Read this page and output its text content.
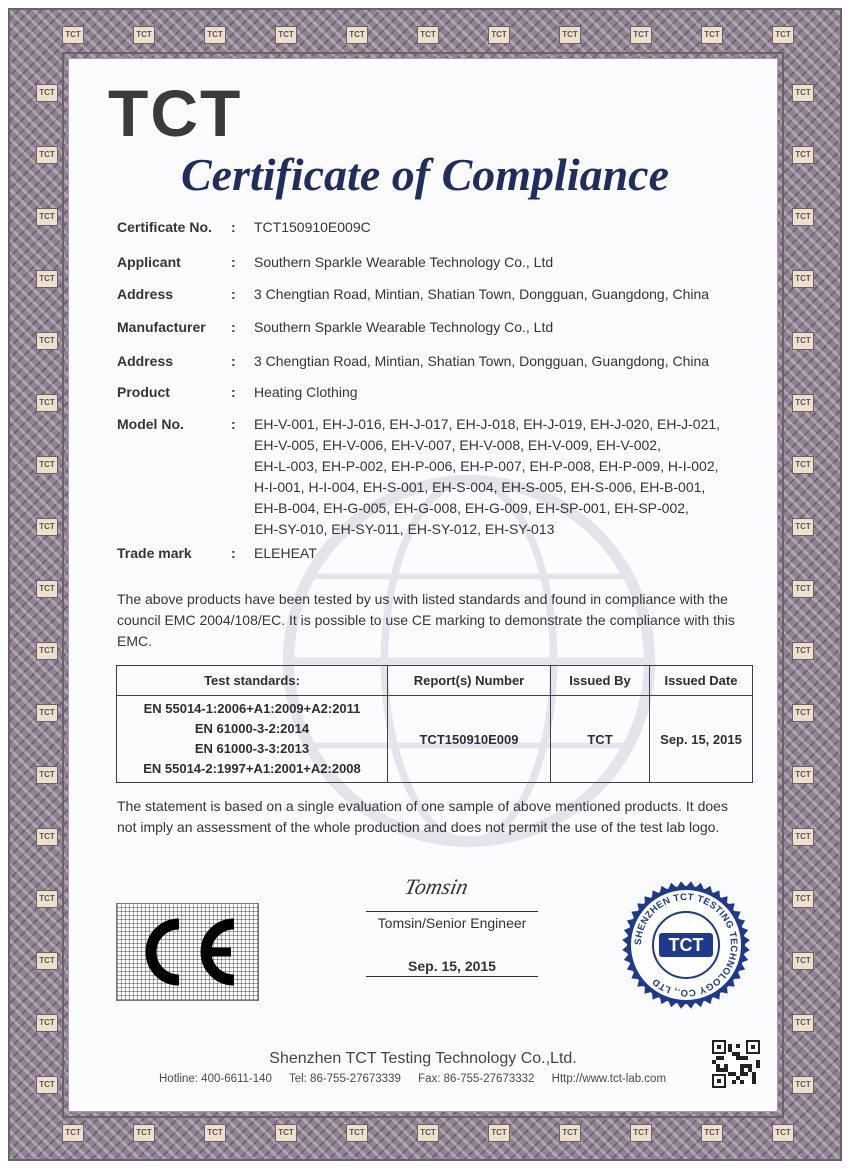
TCT
Certificate of Compliance
Certificate No. : TCT150910E009C
Applicant	: Southern Sparkle Wearable Technology Co., Ltd
Address	: 3 Chengtian Road, Mintian, Shatian Town, Dongguan, Guangdong, China
Manufacturer : Southern Sparkle Wearable Technology Co., Ltd
Address	: 3 Chengtian Road, Mintian, Shatian Town, Dongguan, Guangdong, China
Product	: Heating Clothing
Model No.	: EH-V-001, EH-J-016, EH-J-017, EH-J-018, EH-J-019, EH-J-020, EH-J-021,
EH-V-005, EH-V-006, EH-V-007, EH-V-008, EH-V-009, EH-V-002,
EH-L-003, EH-P-002, EH-P-006, EH-P-007, EH-P-008, EH-P-009, H-I-002,
H-I-001, H-I-004, EH-S-001, EH-S-004, EH-S-005, EH-S-006, EH-B-001,
EH-B-004, EH-G-005, EH-G-008, EH-G-009, EH-SP-001, EH-SP-002,
EH-SY-010, EH-SY-011, EH-SY-012, EH-SY-013
Trade mark	: ELEHEAT
The above products have been tested by us with listed standards and found in compliance with the
council EMC 2004/108/EC. It is possible to use CE marking to demonstrate the compliance with this
EMC.
Test standards:	Report(s) Number	Issued By	Issued Date

EN 55014-1:2006+A1:2009+A2:2011
EN 61000-3-2:2014
EN 61000-3-3:2013
EN 55014-2:1997+A1:2001+A2:2008	TCT150910E009	TCT	Sep. 15, 2015
The statement is based on a single evaluation of one sample of above mentioned products. It does
not imply an assessment of the whole production and does not permit the use of the test lab logo.
Tomsin
Tomsin/Senior Engineer
Sep. 15, 2015
SHENZHEN TCT TESTING TECHNOLOGY CO., LTD
TCT
Shenzhen TCT Testing Technology Co.,Ltd.
Hotline: 400-6611-140 Tel: 86-755-27673339 Fax: 86-755-27673332 Http://www.tct-lab.com
TCT
TCT
TCT
TCT
TCT
TCT
TCT
TCT
TCT
TCT
TCT
TCT
TCT
TCT
TCT
TCT
TCT
TCT
TCT
TCT
TCT
TCT
TCT	TCT
TCT	TCT
TCT	TCT
TCT	TCT
TCT	TCT
TCT	TCT
TCT	TCT
TCT	TCT
TCT	TCT
TCT	TCT
TCT	TCT
TCT	TCT
TCT	TCT
TCT	TCT
TCT	TCT
TCT	TCT
TCT	TCT
